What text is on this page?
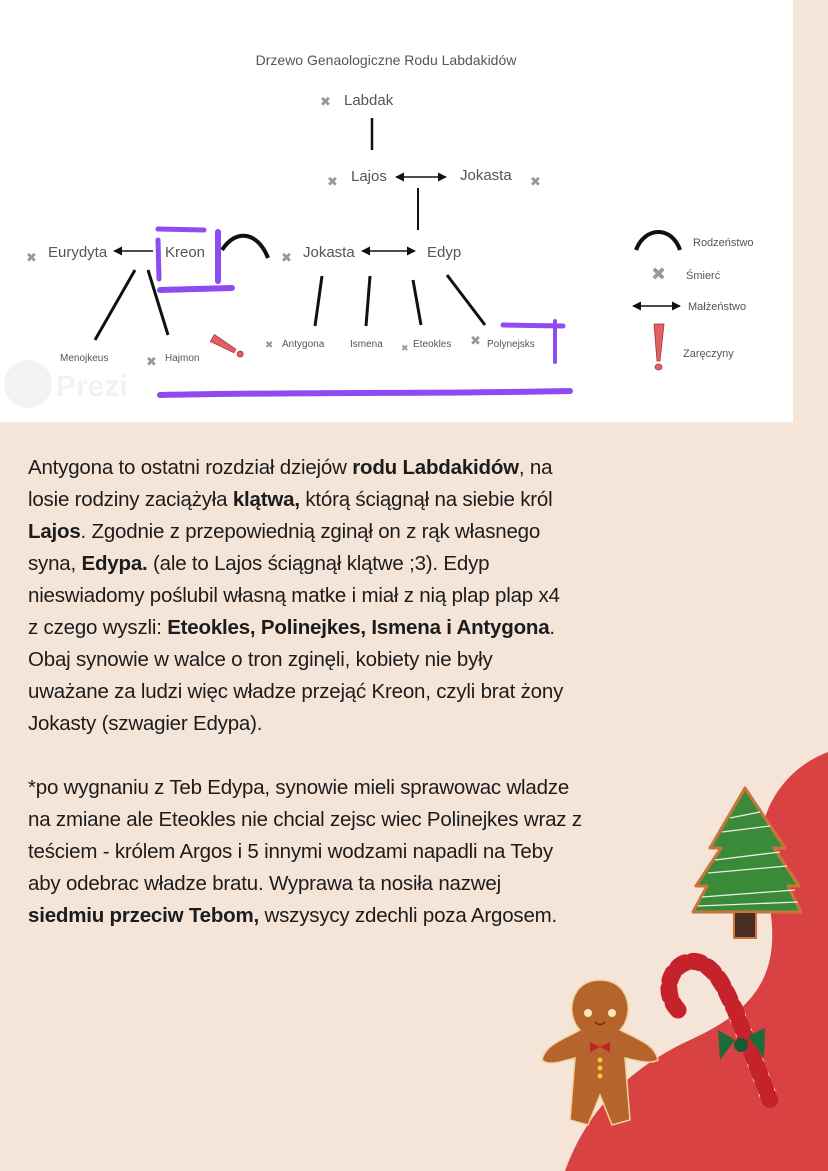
Prezi
Drzewo Genaologiczne Rodu Labdakidów
✖ Labdak
✖ Lajos	Jokasta ✖
✖ Eurydyta	Kreon	✖ Jokasta	Edyp
Menojkeus	✖ Hajmon
✖ Antygona	Ismena ✖ Eteokles ✖ Polynejsks
Rodzeństwo
✖ Śmierć
Małżeństwo
Zaręczyny
Antygona to ostatni rozdział dziejów rodu Labdakidów, na
losie rodziny zaciążyła klątwa, którą ściągnął na siebie król
Lajos. Zgodnie z przepowiednią zginął on z rąk własnego
syna, Edypa. (ale to Lajos ściągnął klątwe ;3). Edyp
nieswiadomy poślubil własną matke i miał z nią plap plap x4
z czego wyszli: Eteokles, Polinejkes, Ismena i Antygona.
Obaj synowie w walce o tron zginęli, kobiety nie były
uważane za ludzi więc władze przejąć Kreon, czyli brat żony
Jokasty (szwagier Edypa).
*po wygnaniu z Teb Edypa, synowie mieli sprawowac wladze
na zmiane ale Eteokles nie chcial zejsc wiec Polinejkes wraz z
teściem - królem Argos i 5 innymi wodzami napadli na Teby
aby odebrac władze bratu. Wyprawa ta nosiła nazwej
siedmiu przeciw Tebom, wszysycy zdechli poza Argosem.
